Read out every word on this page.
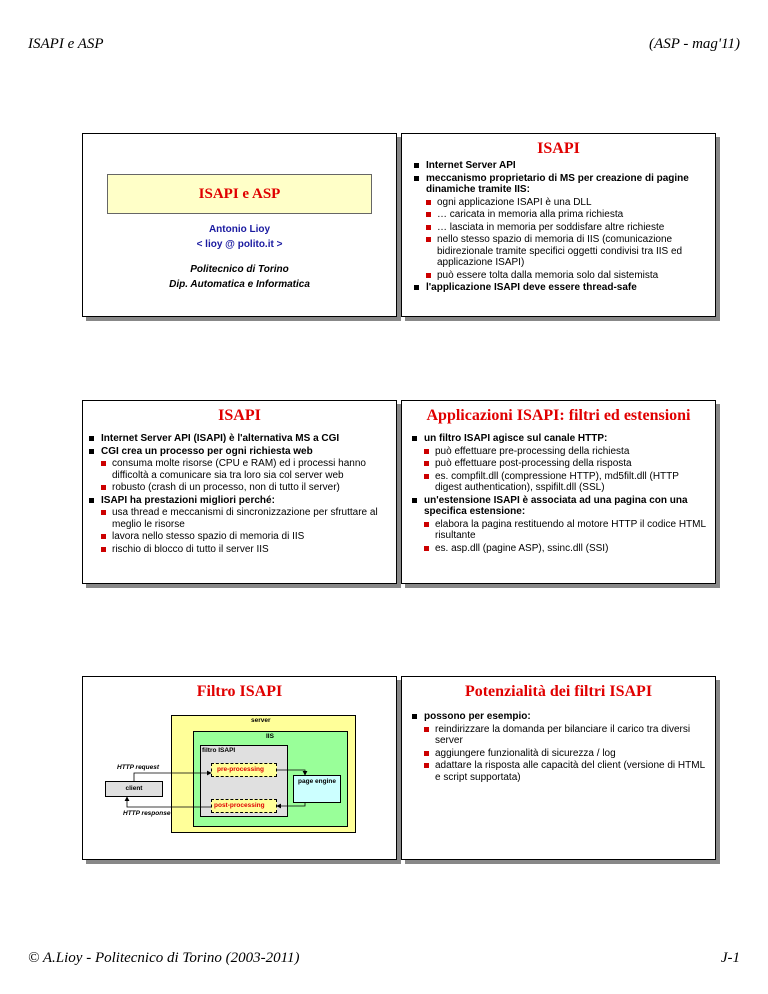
ISAPI e ASP	(ASP - mag'11)
ISAPI e ASP
Antonio Lioy
< lioy @ polito.it >
Politecnico di Torino
Dip. Automatica e Informatica
ISAPI
Internet Server API
meccanismo proprietario di MS per creazione di pagine dinamiche tramite IIS:
ogni applicazione ISAPI è una DLL
… caricata in memoria alla prima richiesta
… lasciata in memoria per soddisfare altre richieste
nello stesso spazio di memoria di IIS (comunicazione bidirezionale tramite specifici oggetti condivisi tra IIS ed applicazione ISAPI)
può essere tolta dalla memoria solo dal sistemista
l'applicazione ISAPI deve essere thread-safe
ISAPI
Internet Server API (ISAPI) è l'alternativa MS a CGI
CGI crea un processo per ogni richiesta web
consuma molte risorse (CPU e RAM) ed i processi hanno difficoltà a comunicare sia tra loro sia col server web
robusto (crash di un processo, non di tutto il server)
ISAPI ha prestazioni migliori perché:
usa thread e meccanismi di sincronizzazione per sfruttare al meglio le risorse
lavora nello stesso spazio di memoria di IIS
rischio di blocco di tutto il server IIS
Applicazioni ISAPI: filtri ed estensioni
un filtro ISAPI agisce sul canale HTTP:
può effettuare pre-processing della richiesta
può effettuare post-processing della risposta
es. compfilt.dll (compressione HTTP), md5filt.dll (HTTP digest authentication), sspifilt.dll (SSL)
un'estensione ISAPI è associata ad una pagina con una specifica estensione:
elabora la pagina restituendo al motore HTTP il codice HTML risultante
es. asp.dll (pagine ASP), ssinc.dll (SSI)
Filtro ISAPI
server
IIS
filtro ISAPI
pre-processing
post-processing
page engine
client
HTTP request
HTTP response
Potenzialità dei filtri ISAPI
possono per esempio:
reindirizzare la domanda per bilanciare il carico tra diversi server
aggiungere funzionalità di sicurezza / log
adattare la risposta alle capacità del client (versione di HTML e script supportata)
© A.Lioy - Politecnico di Torino (2003-2011)	J-1
